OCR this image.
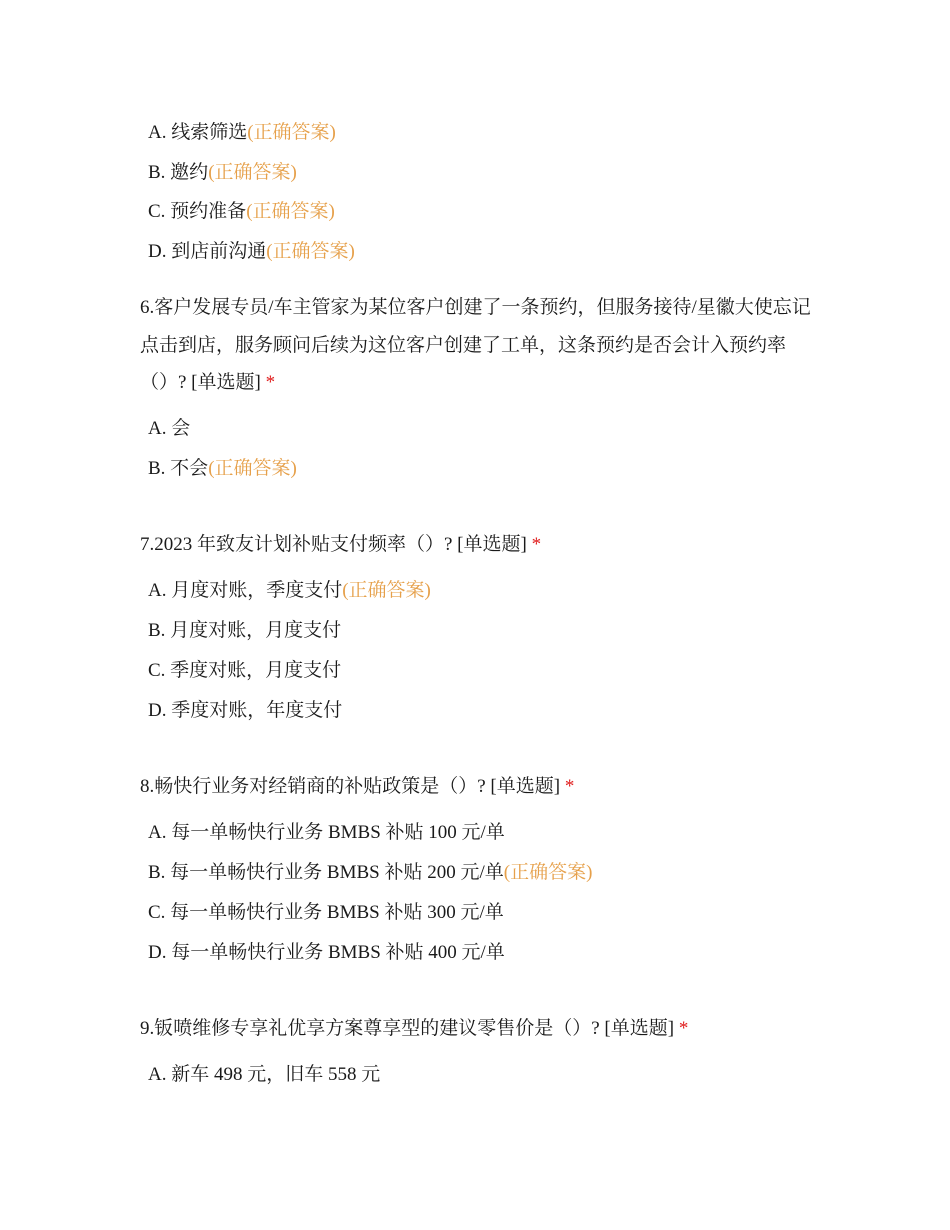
A. 线索筛选(正确答案)
B. 邀约(正确答案)
C. 预约准备(正确答案)
D. 到店前沟通(正确答案)
6.客户发展专员/车主管家为某位客户创建了一条预约，但服务接待/星徽大使忘记
点击到店，服务顾问后续为这位客户创建了工单，这条预约是否会计入预约率
（）? [单选题] *
A. 会
B. 不会(正确答案)
7.2023 年致友计划补贴支付频率（）? [单选题] *
A. 月度对账，季度支付(正确答案)
B. 月度对账，月度支付
C. 季度对账，月度支付
D. 季度对账，年度支付
8.畅快行业务对经销商的补贴政策是（）? [单选题] *
A. 每一单畅快行业务 BMBS 补贴 100 元/单
B. 每一单畅快行业务 BMBS 补贴 200 元/单(正确答案)
C. 每一单畅快行业务 BMBS 补贴 300 元/单
D. 每一单畅快行业务 BMBS 补贴 400 元/单
9.钣喷维修专享礼优享方案尊享型的建议零售价是（）? [单选题] *
A. 新车 498 元，旧车 558 元
